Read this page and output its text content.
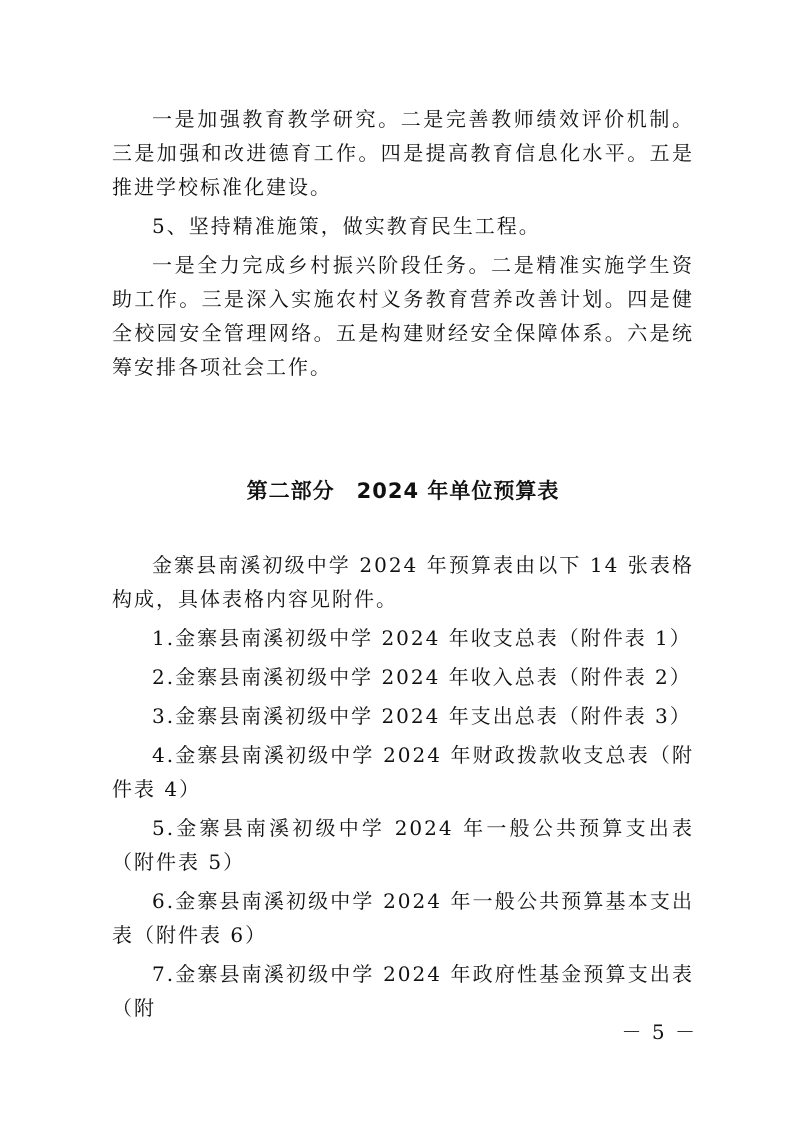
一是加强教育教学研究。二是完善教师绩效评价机制。三是加强和改进德育工作。四是提高教育信息化水平。五是推进学校标准化建设。

5、坚持精准施策，做实教育民生工程。

一是全力完成乡村振兴阶段任务。二是精准实施学生资助工作。三是深入实施农村义务教育营养改善计划。四是健全校园安全管理网络。五是构建财经安全保障体系。六是统筹安排各项社会工作。

第二部分　2024 年单位预算表

金寨县南溪初级中学 2024 年预算表由以下 14 张表格构成，具体表格内容见附件。

1.金寨县南溪初级中学 2024 年收支总表（附件表 1）

2.金寨县南溪初级中学 2024 年收入总表（附件表 2）

3.金寨县南溪初级中学 2024 年支出总表（附件表 3）

4.金寨县南溪初级中学 2024 年财政拨款收支总表（附件表 4）

5.金寨县南溪初级中学 2024 年一般公共预算支出表（附件表 5）

6.金寨县南溪初级中学 2024 年一般公共预算基本支出表（附件表 6）

7.金寨县南溪初级中学 2024 年政府性基金预算支出表（附

－ 5 －
